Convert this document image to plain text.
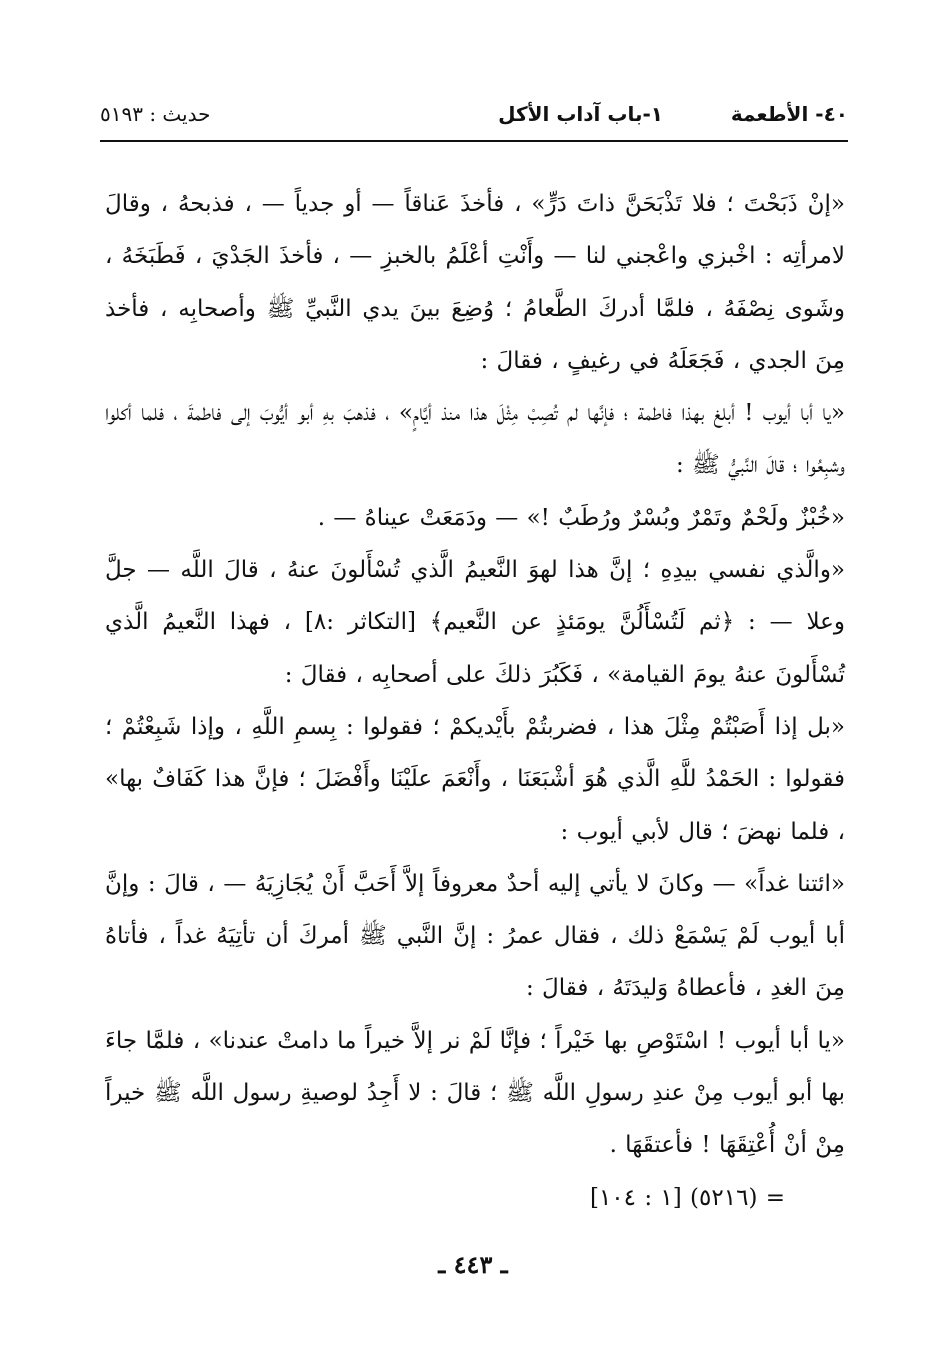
٤٠- الأطعمة
١-باب آداب الأكل
حديث : ٥١٩٣

«إنْ ذَبَحْتَ ؛ فلا تَذْبَحَنَّ ذاتَ دَرٍّ» ، فأخذَ عَناقاً — أو جدياً — ، فذبحهُ ، وقالَ لامرأتِه : اخْبزي واعْجني لنا — وأَنْتِ أعْلَمُ بالخبزِ — ، فأخذَ الجَدْيَ ، فَطَبَخَهُ ، وشَوى نِصْفَهُ ، فلمَّا أدركَ الطَّعامُ ؛ وُضِعَ بينَ يدي النَّبيِّ ﷺ وأصحابِه ، فأخذ مِنَ الجدي ، فَجَعَلَهُ في رغيفٍ ، فقالَ :

«يا أبا أيوب ! أبلغ بهذا فاطمة ؛ فإنَّها لم تُصِبْ مِثْلَ هذا منذ أيَّامٍ» ، فذهبَ بهِ أبو أيُّوبَ إلى فاطمةَ ، فلما أكلوا وشبِعُوا ؛ قالَ النَّبيُّ ﷺ :

«خُبْزٌ ولَحْمٌ وتَمْرٌ وبُسْرٌ ورُطَبٌ !» — ودَمَعَتْ عيناهُ — .

«والَّذي نفسي بيدِهِ ؛ إنَّ هذا لهوَ النَّعيمُ الَّذي تُسْأَلونَ عنهُ ، قالَ اللَّه — جلَّ وعلا — : ﴿ثم لَتُسْأَلُنَّ يومَئذٍ عن النَّعيم﴾ [التكاثر :٨] ، فهذا النَّعيمُ الَّذي تُسْأَلونَ عنهُ يومَ القيامة» ، فَكَبُرَ ذلكَ على أصحابِه ، فقالَ :

«بل إذا أَصَبْتُمْ مِثْلَ هذا ، فضربتُمْ بأَيْديكمْ ؛ فقولوا : بِسمِ اللَّهِ ، وإذا شَبِعْتُمْ ؛ فقولوا : الحَمْدُ للَّهِ الَّذي هُوَ أشْبَعَنَا ، وأَنْعَمَ علَيْنَا وأَفْضَلَ ؛ فإنَّ هذا كَفَافٌ بها» ، فلما نهضَ ؛ قال لأبي أيوب :

«ائتنا غداً» — وكانَ لا يأتي إليه أحدٌ معروفاً إلاَّ أَحَبَّ أَنْ يُجَازِيَهُ — ، قالَ : وإنَّ أبا أيوب لَمْ يَسْمَعْ ذلك ، فقال عمرُ : إنَّ النَّبي ﷺ أمركَ أن تأتِيَهُ غداً ، فأتاهُ مِنَ الغدِ ، فأعطاهُ وَليدَتَهُ ، فقالَ :

«يا أبا أيوب ! اسْتَوْصِ بها خَيْراً ؛ فإنَّا لَمْ نر إلاَّ خيراً ما دامتْ عندنا» ، فلمَّا جاءَ بها أبو أيوب مِنْ عندِ رسولِ اللَّه ﷺ ؛ قالَ : لا أَجِدُ لوصيةِ رسول اللَّه ﷺ خيراً مِنْ أنْ أُعْتِقَهَا ! فأعتقَهَا .

= (٥٢١٦) [١ : ١٠٤]

ـ ٤٤٣ ـ
